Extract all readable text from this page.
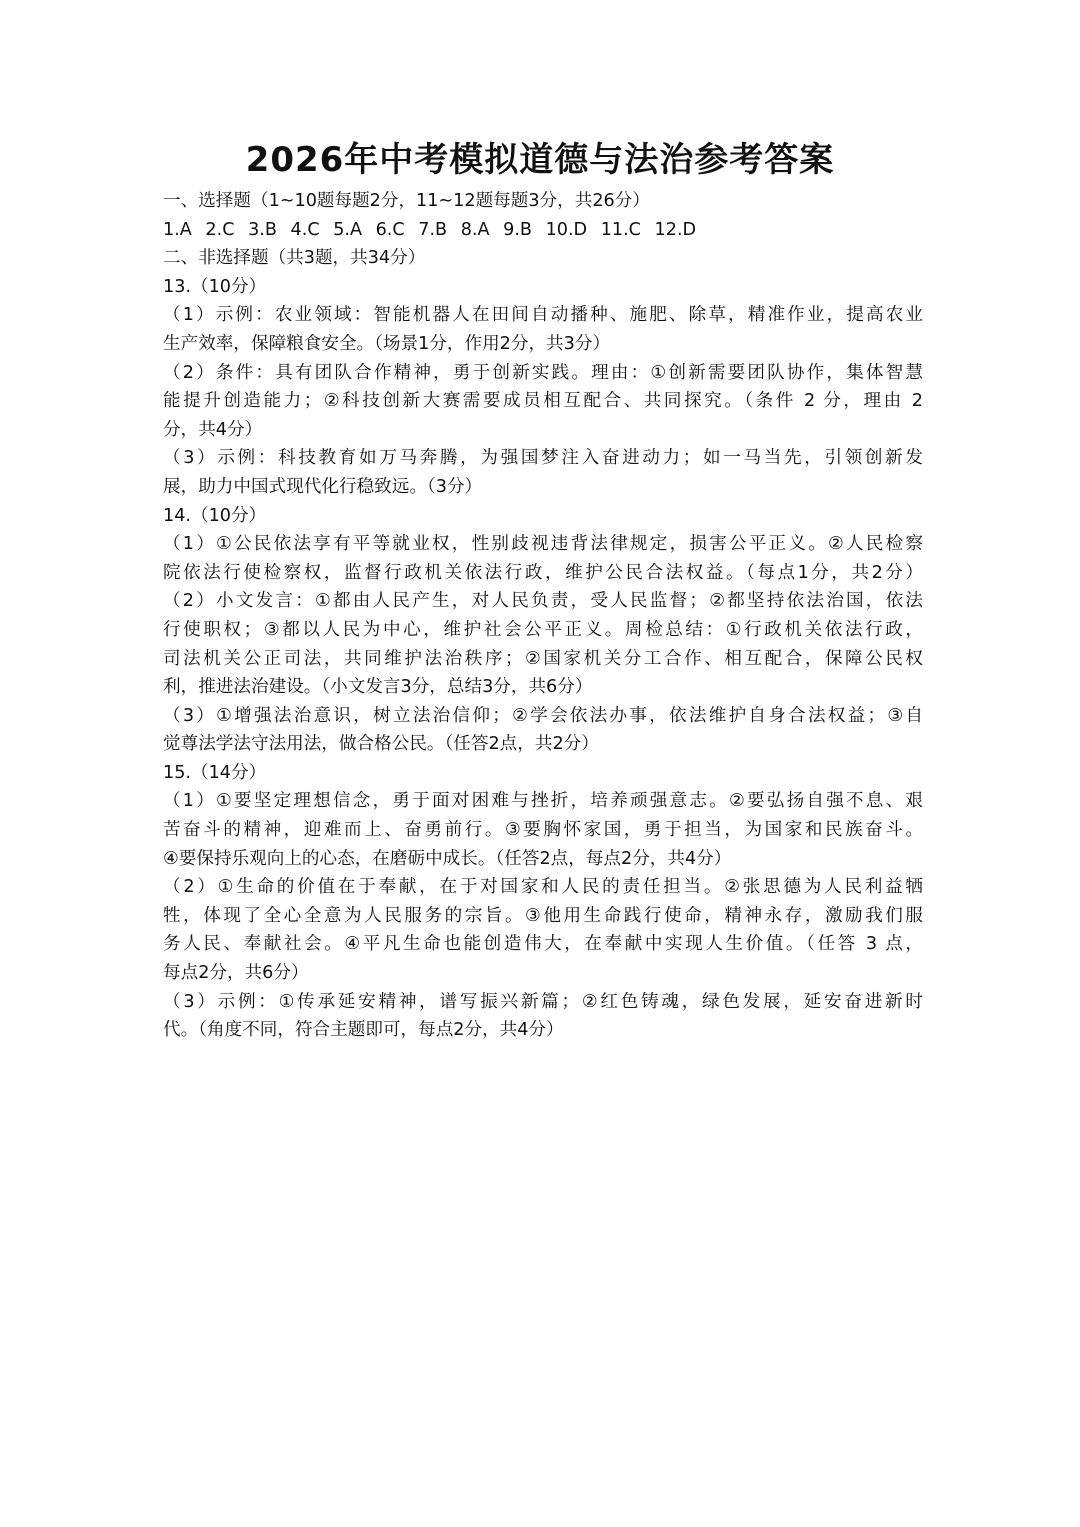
2026年中考模拟道德与法治参考答案
一、选择题（1~10题每题2分，11~12题每题3分，共26分）
1.A 2.C 3.B 4.C 5.A 6.C 7.B 8.A 9.B 10.D 11.C 12.D
二、非选择题（共3题，共34分）
13.（10分）
（1）示例：农业领域：智能机器人在田间自动播种、施肥、除草，精准作业，提高农业
生产效率，保障粮食安全。（场景1分，作用2分，共3分）
（2）条件：具有团队合作精神，勇于创新实践。理由：①创新需要团队协作，集体智慧
能提升创造能力；②科技创新大赛需要成员相互配合、共同探究。（条件 2 分，理由 2
分，共4分）
（3）示例：科技教育如万马奔腾，为强国梦注入奋进动力；如一马当先，引领创新发
展，助力中国式现代化行稳致远。（3分）
14.（10分）
（1）①公民依法享有平等就业权，性别歧视违背法律规定，损害公平正义。②人民检察
院依法行使检察权，监督行政机关依法行政，维护公民合法权益。（每点1分，共2分）
（2）小文发言：①都由人民产生，对人民负责，受人民监督；②都坚持依法治国，依法
行使职权；③都以人民为中心，维护社会公平正义。周检总结：①行政机关依法行政，
司法机关公正司法，共同维护法治秩序；②国家机关分工合作、相互配合，保障公民权
利，推进法治建设。（小文发言3分，总结3分，共6分）
（3）①增强法治意识，树立法治信仰；②学会依法办事，依法维护自身合法权益；③自
觉尊法学法守法用法，做合格公民。（任答2点，共2分）
15.（14分）
（1）①要坚定理想信念，勇于面对困难与挫折，培养顽强意志。②要弘扬自强不息、艰
苦奋斗的精神，迎难而上、奋勇前行。③要胸怀家国，勇于担当，为国家和民族奋斗。
④要保持乐观向上的心态，在磨砺中成长。（任答2点，每点2分，共4分）
（2）①生命的价值在于奉献，在于对国家和人民的责任担当。②张思德为人民利益牺
牲，体现了全心全意为人民服务的宗旨。③他用生命践行使命，精神永存，激励我们服
务人民、奉献社会。④平凡生命也能创造伟大，在奉献中实现人生价值。（任答 3 点，
每点2分，共6分）
（3）示例：①传承延安精神，谱写振兴新篇；②红色铸魂，绿色发展，延安奋进新时
代。（角度不同，符合主题即可，每点2分，共4分）
